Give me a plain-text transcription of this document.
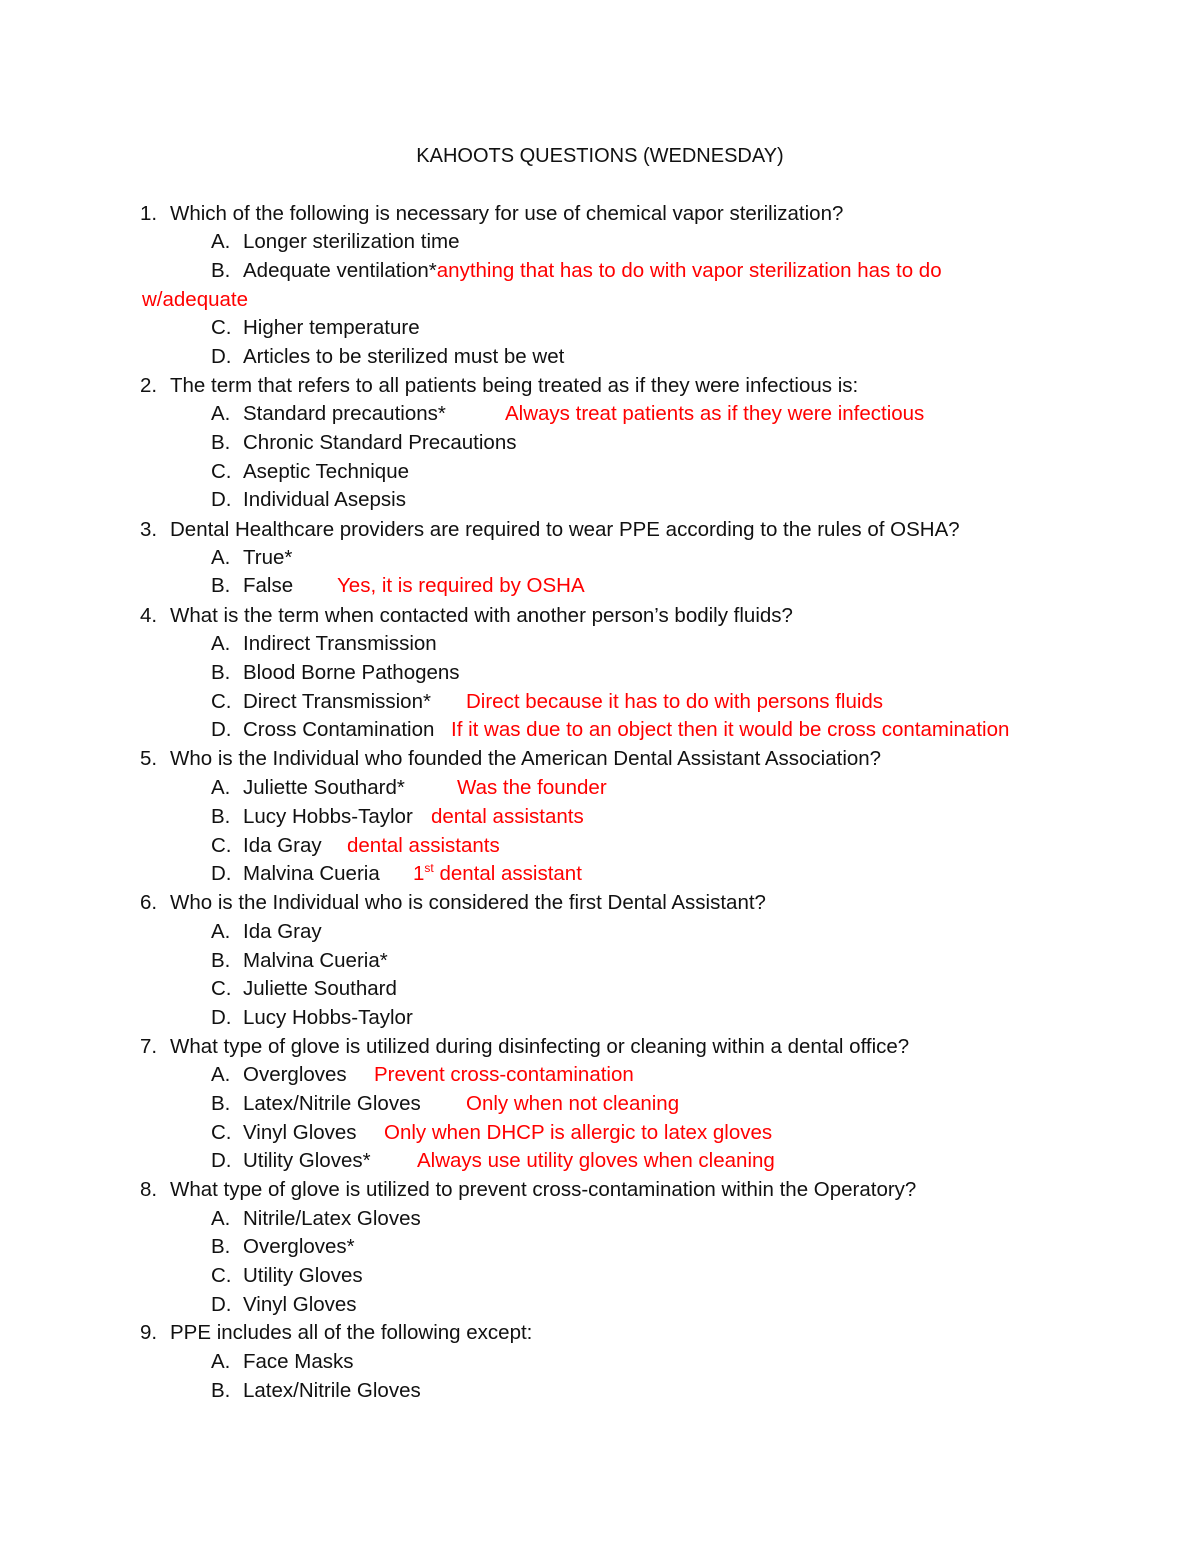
KAHOOTS QUESTIONS (WEDNESDAY)
1. Which of the following is necessary for use of chemical vapor sterilization?
A. Longer sterilization time
B. Adequate ventilation*anything that has to do with vapor sterilization has to do
w/adequate
C. Higher temperature
D. Articles to be sterilized must be wet
2. The term that refers to all patients being treated as if they were infectious is:
A. Standard precautions*	Always treat patients as if they were infectious
B. Chronic Standard Precautions
C. Aseptic Technique
D. Individual Asepsis
3. Dental Healthcare providers are required to wear PPE according to the rules of OSHA?
A. True*
B. False Yes, it is required by OSHA
4. What is the term when contacted with another person’s bodily fluids?
A. Indirect Transmission
B. Blood Borne Pathogens
C. Direct Transmission* Direct because it has to do with persons fluids
D. Cross Contamination If it was due to an object then it would be cross contamination
5. Who is the Individual who founded the American Dental Assistant Association?
A. Juliette Southard*	Was the founder
B. Lucy Hobbs-Taylor dental assistants
C. Ida Gray dental assistants
D. Malvina Cueria 1st dental assistant
6. Who is the Individual who is considered the first Dental Assistant?
A. Ida Gray
B. Malvina Cueria*
C. Juliette Southard
D. Lucy Hobbs-Taylor
7. What type of glove is utilized during disinfecting or cleaning within a dental office?
A. Overgloves Prevent cross-contamination
B. Latex/Nitrile Gloves Only when not cleaning
C. Vinyl Gloves Only when DHCP is allergic to latex gloves
D. Utility Gloves* Always use utility gloves when cleaning
8. What type of glove is utilized to prevent cross-contamination within the Operatory?
A. Nitrile/Latex Gloves
B. Overgloves*
C. Utility Gloves
D. Vinyl Gloves
9. PPE includes all of the following except:
A. Face Masks
B. Latex/Nitrile Gloves
